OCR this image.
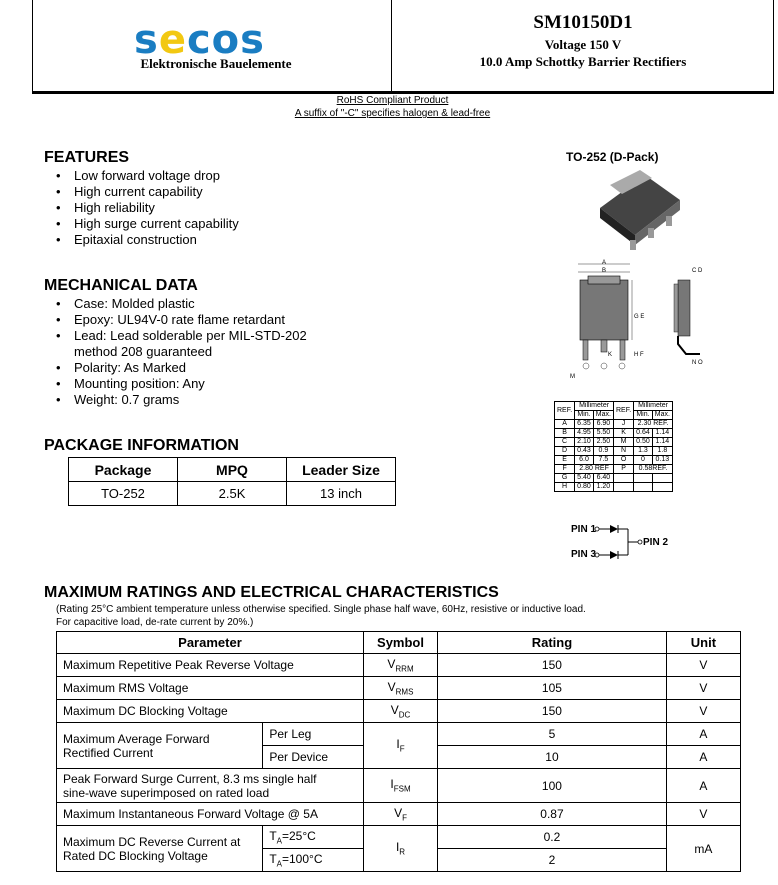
secos
Elektronische Bauelemente
SM10150D1
Voltage 150 V
10.0 Amp Schottky Barrier Rectifiers
RoHS Compliant Product
A suffix of "-C" specifies halogen & lead-free
FEATURES
• Low forward voltage drop
• High current capability
• High reliability
• High surge current capability
• Epitaxial construction
MECHANICAL DATA
• Case: Molded plastic
• Epoxy: UL94V-0 rate flame retardant
• Lead: Lead solderable per MIL-STD-202
method 208 guaranteed
• Polarity: As Marked
• Mounting position: Any
• Weight: 0.7 grams
PACKAGE INFORMATION
Package	MPQ	Leader Size
TO-252	2.5K	13 inch
TO-252 (D-Pack)
A
B
G E
K	H F
M
C D
N O
REF.	Millimeter		REF.	Millimeter	
	Min.	Max.		Min.	Max.
A	6.35	6.90	J	2.30 REF.	
B	4.95	5.50	K	0.64	1.14
C	2.10	2.50	M	0.50	1.14
D	0.43	0.9	N	1.3	1.8
E	6.0	7.5	O	0	0.13
F	2.80 REF		P	0.58REF.	
G	5.40	6.40			
H	0.80	1.20			
PIN 1
PIN 2
PIN 3
MAXIMUM RATINGS AND ELECTRICAL CHARACTERISTICS
(Rating 25°C ambient temperature unless otherwise specified. Single phase half wave, 60Hz, resistive or inductive load.
For capacitive load, de-rate current by 20%.)
Parameter		Symbol	Rating	Unit
Maximum Repetitive Peak Reverse Voltage		$V_{RRM}$	150	V
Maximum RMS Voltage		$V_{RMS}$	105	V
Maximum DC Blocking Voltage		$V_{DC}$	150	V

Maximum Average Forward
Rectified Current	Per Leg	$I_F$	5	A
	Per Device		10	A

Peak Forward Surge Current, 8.3 ms single half
sine-wave superimposed on rated load		$I_{FSM}$	100	A
Maximum Instantaneous Forward Voltage @ 5A		$V_F$	0.87	V

Maximum DC Reverse Current at
Rated DC Blocking Voltage	$T_A=25^\circ C$	$I_R$	0.2	mA
	$T_A=100^\circ C$		2	
